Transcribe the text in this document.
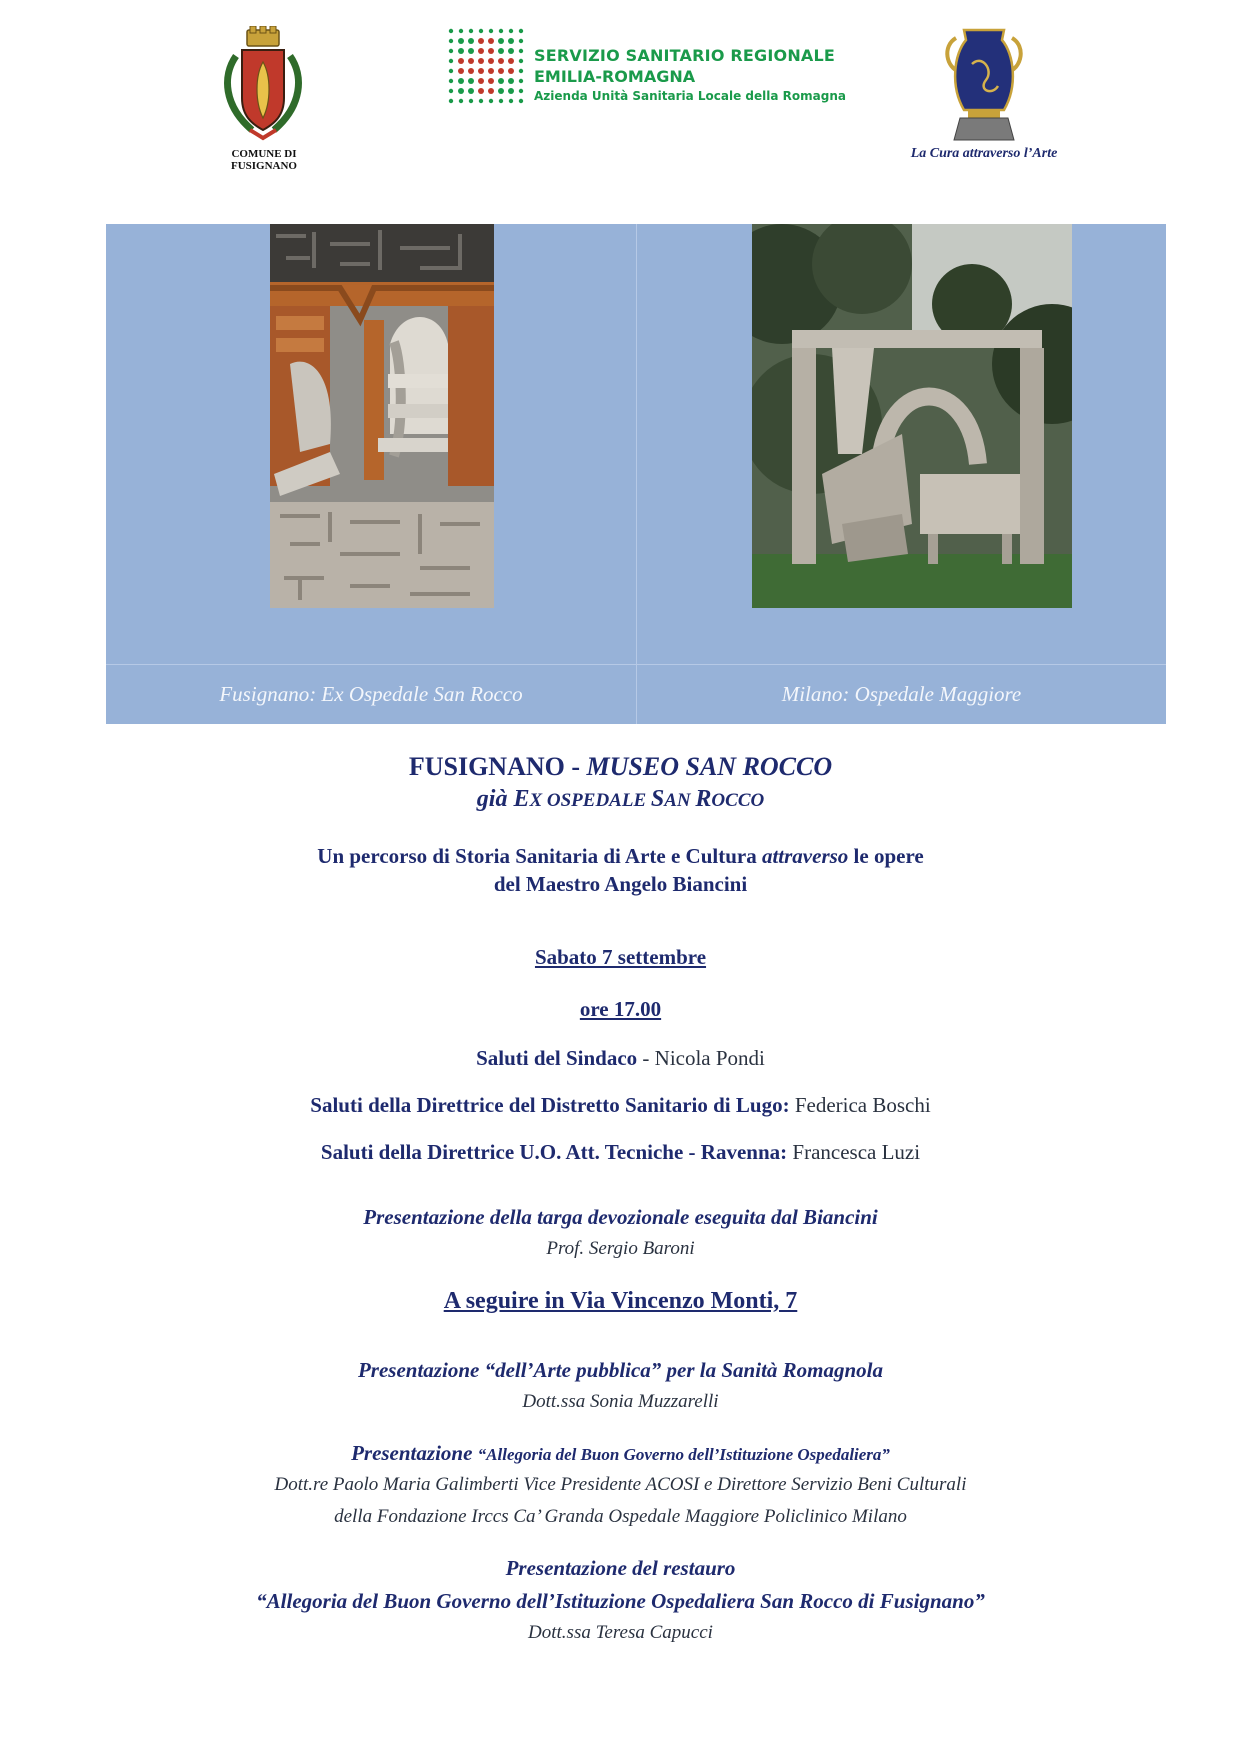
COMUNE DI
FUSIGNANO
SERVIZIO SANITARIO REGIONALE
EMILIA-ROMAGNA
Azienda Unità Sanitaria Locale della Romagna
La Cura attraverso l’Arte
Fusignano: Ex Ospedale San Rocco	Milano: Ospedale Maggiore
FUSIGNANO - MUSEO SAN ROCCO
già EX OSPEDALE SAN ROCCO
Un percorso di Storia Sanitaria di Arte e Cultura attraverso le opere
del Maestro Angelo Biancini
Sabato 7 settembre
ore 17.00
Saluti del Sindaco - Nicola Pondi
Saluti della Direttrice del Distretto Sanitario di Lugo: Federica Boschi
Saluti della Direttrice U.O. Att. Tecniche - Ravenna: Francesca Luzi
Presentazione della targa devozionale eseguita dal Biancini
Prof. Sergio Baroni
A seguire in Via Vincenzo Monti, 7
Presentazione “dell’Arte pubblica” per la Sanità Romagnola
Dott.ssa Sonia Muzzarelli
Presentazione “Allegoria del Buon Governo dell’Istituzione Ospedaliera”
Dott.re Paolo Maria Galimberti Vice Presidente ACOSI e Direttore Servizio Beni Culturali
della Fondazione Irccs Ca’ Granda Ospedale Maggiore Policlinico Milano
Presentazione del restauro
“Allegoria del Buon Governo dell’Istituzione Ospedaliera San Rocco di Fusignano”
Dott.ssa Teresa Capucci
